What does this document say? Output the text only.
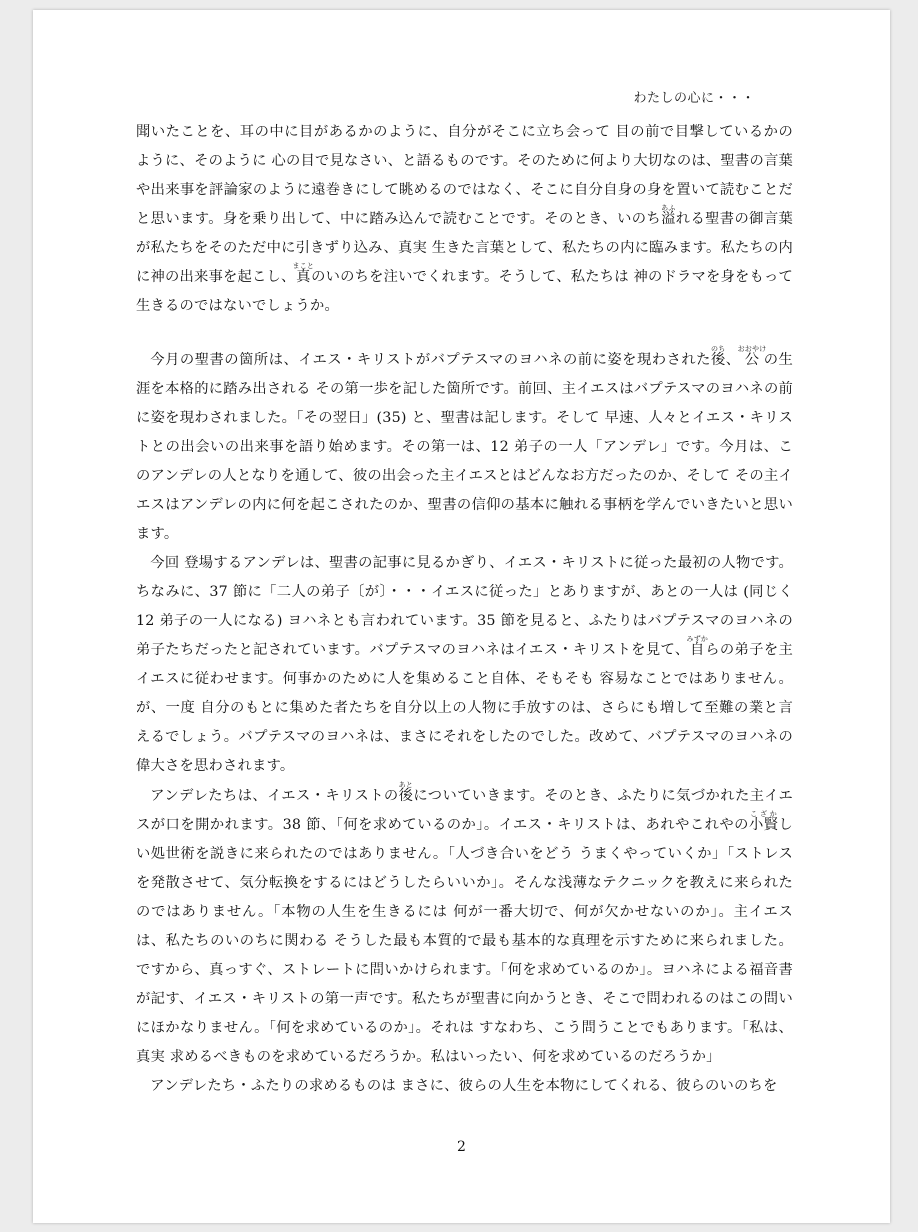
わたしの心に・・・

聞いたことを、耳の中に目があるかのように、自分がそこに立ち会って 目の前で目撃しているかのように、そのように 心の目で見なさい、と語るものです。そのために何より大切なのは、聖書の言葉や出来事を評論家のように遠巻きにして眺めるのではなく、そこに自分自身の身を置いて読むことだと思います。身を乗り出して、中に踏み込んで読むことです。そのとき、いのち溢あふれる聖書の御言葉が私たちをそのただ中に引きずり込み、真実 生きた言葉として、私たちの内に臨みます。私たちの内に神の出来事を起こし、真まことのいのちを注いでくれます。そうして、私たちは 神のドラマを身をもって生きるのではないでしょうか。

今月の聖書の箇所は、イエス・キリストがバプテスマのヨハネの前に姿を現わされた後のち、公おおやけの生涯を本格的に踏み出される その第一歩を記した箇所です。前回、主イエスはバプテスマのヨハネの前に姿を現わされました。「その翌日」(35) と、聖書は記します。そして 早速、人々とイエス・キリストとの出会いの出来事を語り始めます。その第一は、12 弟子の一人「アンデレ」です。今月は、このアンデレの人となりを通して、彼の出会った主イエスとはどんなお方だったのか、そして その主イエスはアンデレの内に何を起こされたのか、聖書の信仰の基本に触れる事柄を学んでいきたいと思います。

今回 登場するアンデレは、聖書の記事に見るかぎり、イエス・キリストに従った最初の人物です。ちなみに、37 節に「二人の弟子〔が〕・・・イエスに従った」とありますが、あとの一人は (同じく 12 弟子の一人になる) ヨハネとも言われています。35 節を見ると、ふたりはバプテスマのヨハネの弟子たちだったと記されています。バプテスマのヨハネはイエス・キリストを見て、自みずからの弟子を主イエスに従わせます。何事かのために人を集めること自体、そもそも 容易なことではありません。が、一度 自分のもとに集めた者たちを自分以上の人物に手放すのは、さらにも増して至難の業と言えるでしょう。バプテスマのヨハネは、まさにそれをしたのでした。改めて、バプテスマのヨハネの偉大さを思わされます。

アンデレたちは、イエス・キリストの後あとについていきます。そのとき、ふたりに気づかれた主イエスが口を開かれます。38 節、「何を求めているのか」。イエス・キリストは、あれやこれやの小賢こざかしい処世術を説きに来られたのではありません。「人づき合いをどう うまくやっていくか」「ストレスを発散させて、気分転換をするにはどうしたらいいか」。そんな浅薄なテクニックを教えに来られたのではありません。「本物の人生を生きるには 何が一番大切で、何が欠かせないのか」。主イエスは、私たちのいのちに関わる そうした最も本質的で最も基本的な真理を示すために来られました。ですから、真っすぐ、ストレートに問いかけられます。「何を求めているのか」。ヨハネによる福音書が記す、イエス・キリストの第一声です。私たちが聖書に向かうとき、そこで問われるのはこの問いにほかなりません。「何を求めているのか」。それは すなわち、こう問うことでもあります。「私は、真実 求めるべきものを求めているだろうか。私はいったい、何を求めているのだろうか」

アンデレたち・ふたりの求めるものは まさに、彼らの人生を本物にしてくれる、彼らのいのちを

2
